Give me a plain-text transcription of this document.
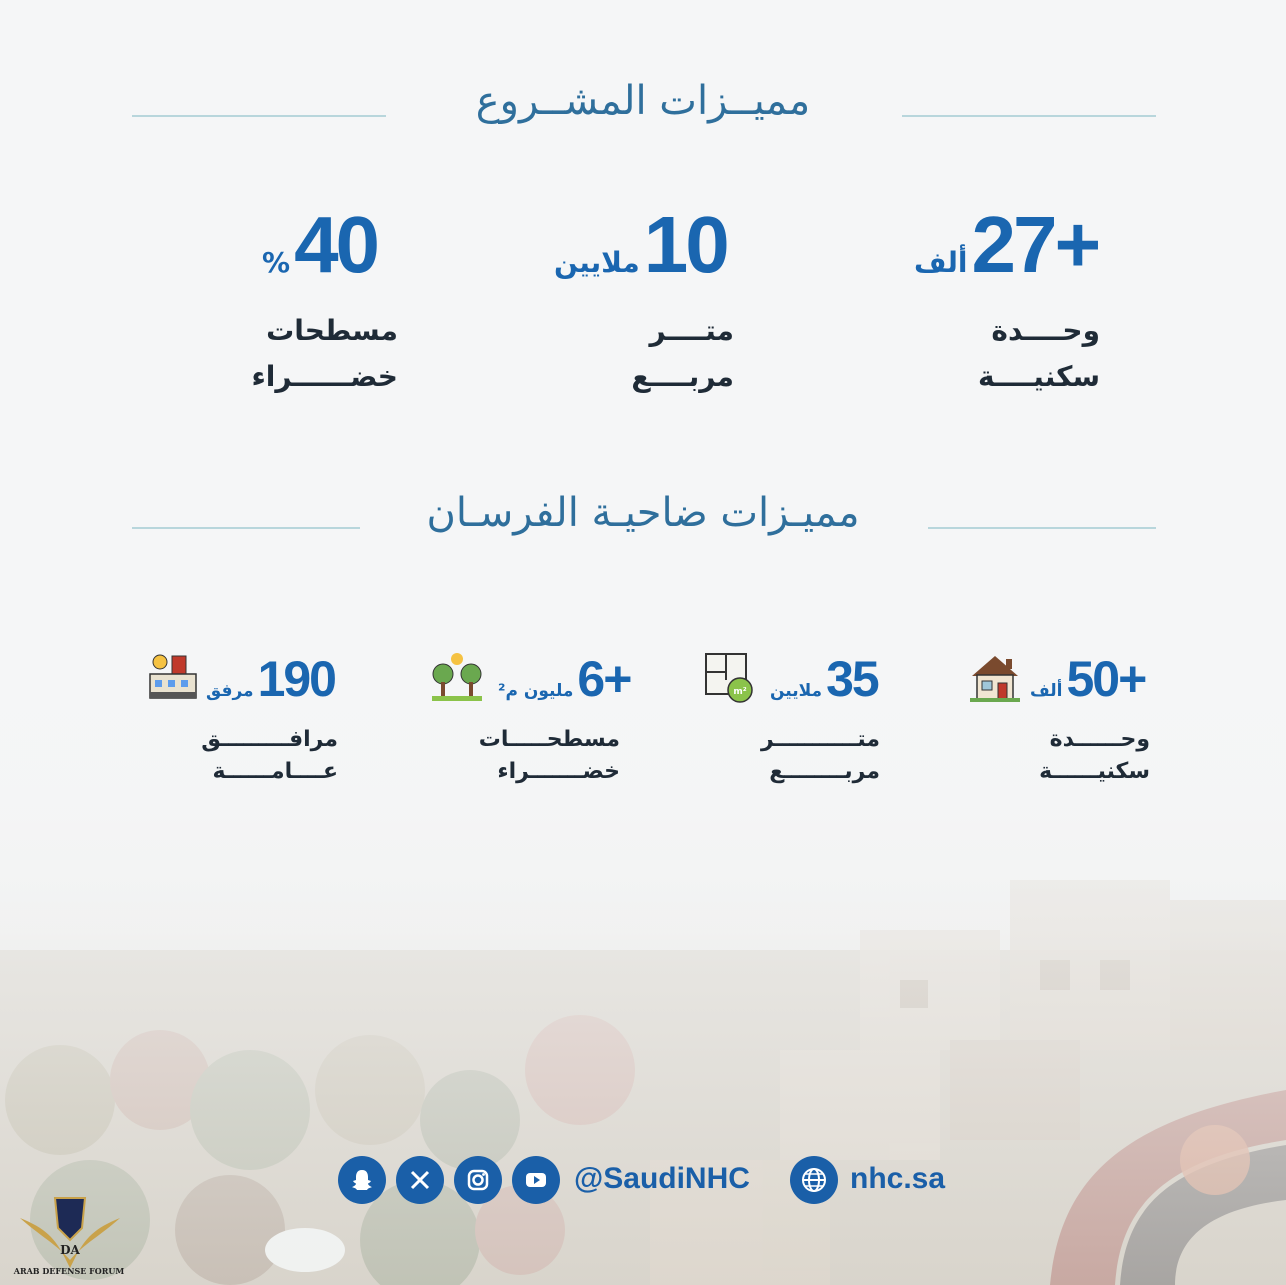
مميــزات المشــروع
ألف 27+
وحــــدة
سكنيــــة
ملايين 10
متــــر
مربــــع
% 40
مسطحات
خضــــــراء
مميـزات ضاحيـة الفرسـان
ألف 50+
وحــــــدة
سكنيــــــة
m² ملايين 35
متـــــــــــر
مربــــــــع
مليون م² 6+
مسطحـــــات
خضـــــــراء
مرفق 190
مرافـــــــــق
عــــامــــــة
@SaudiNHC	nhc.sa
DA
ARAB DEFENSE FORUM
